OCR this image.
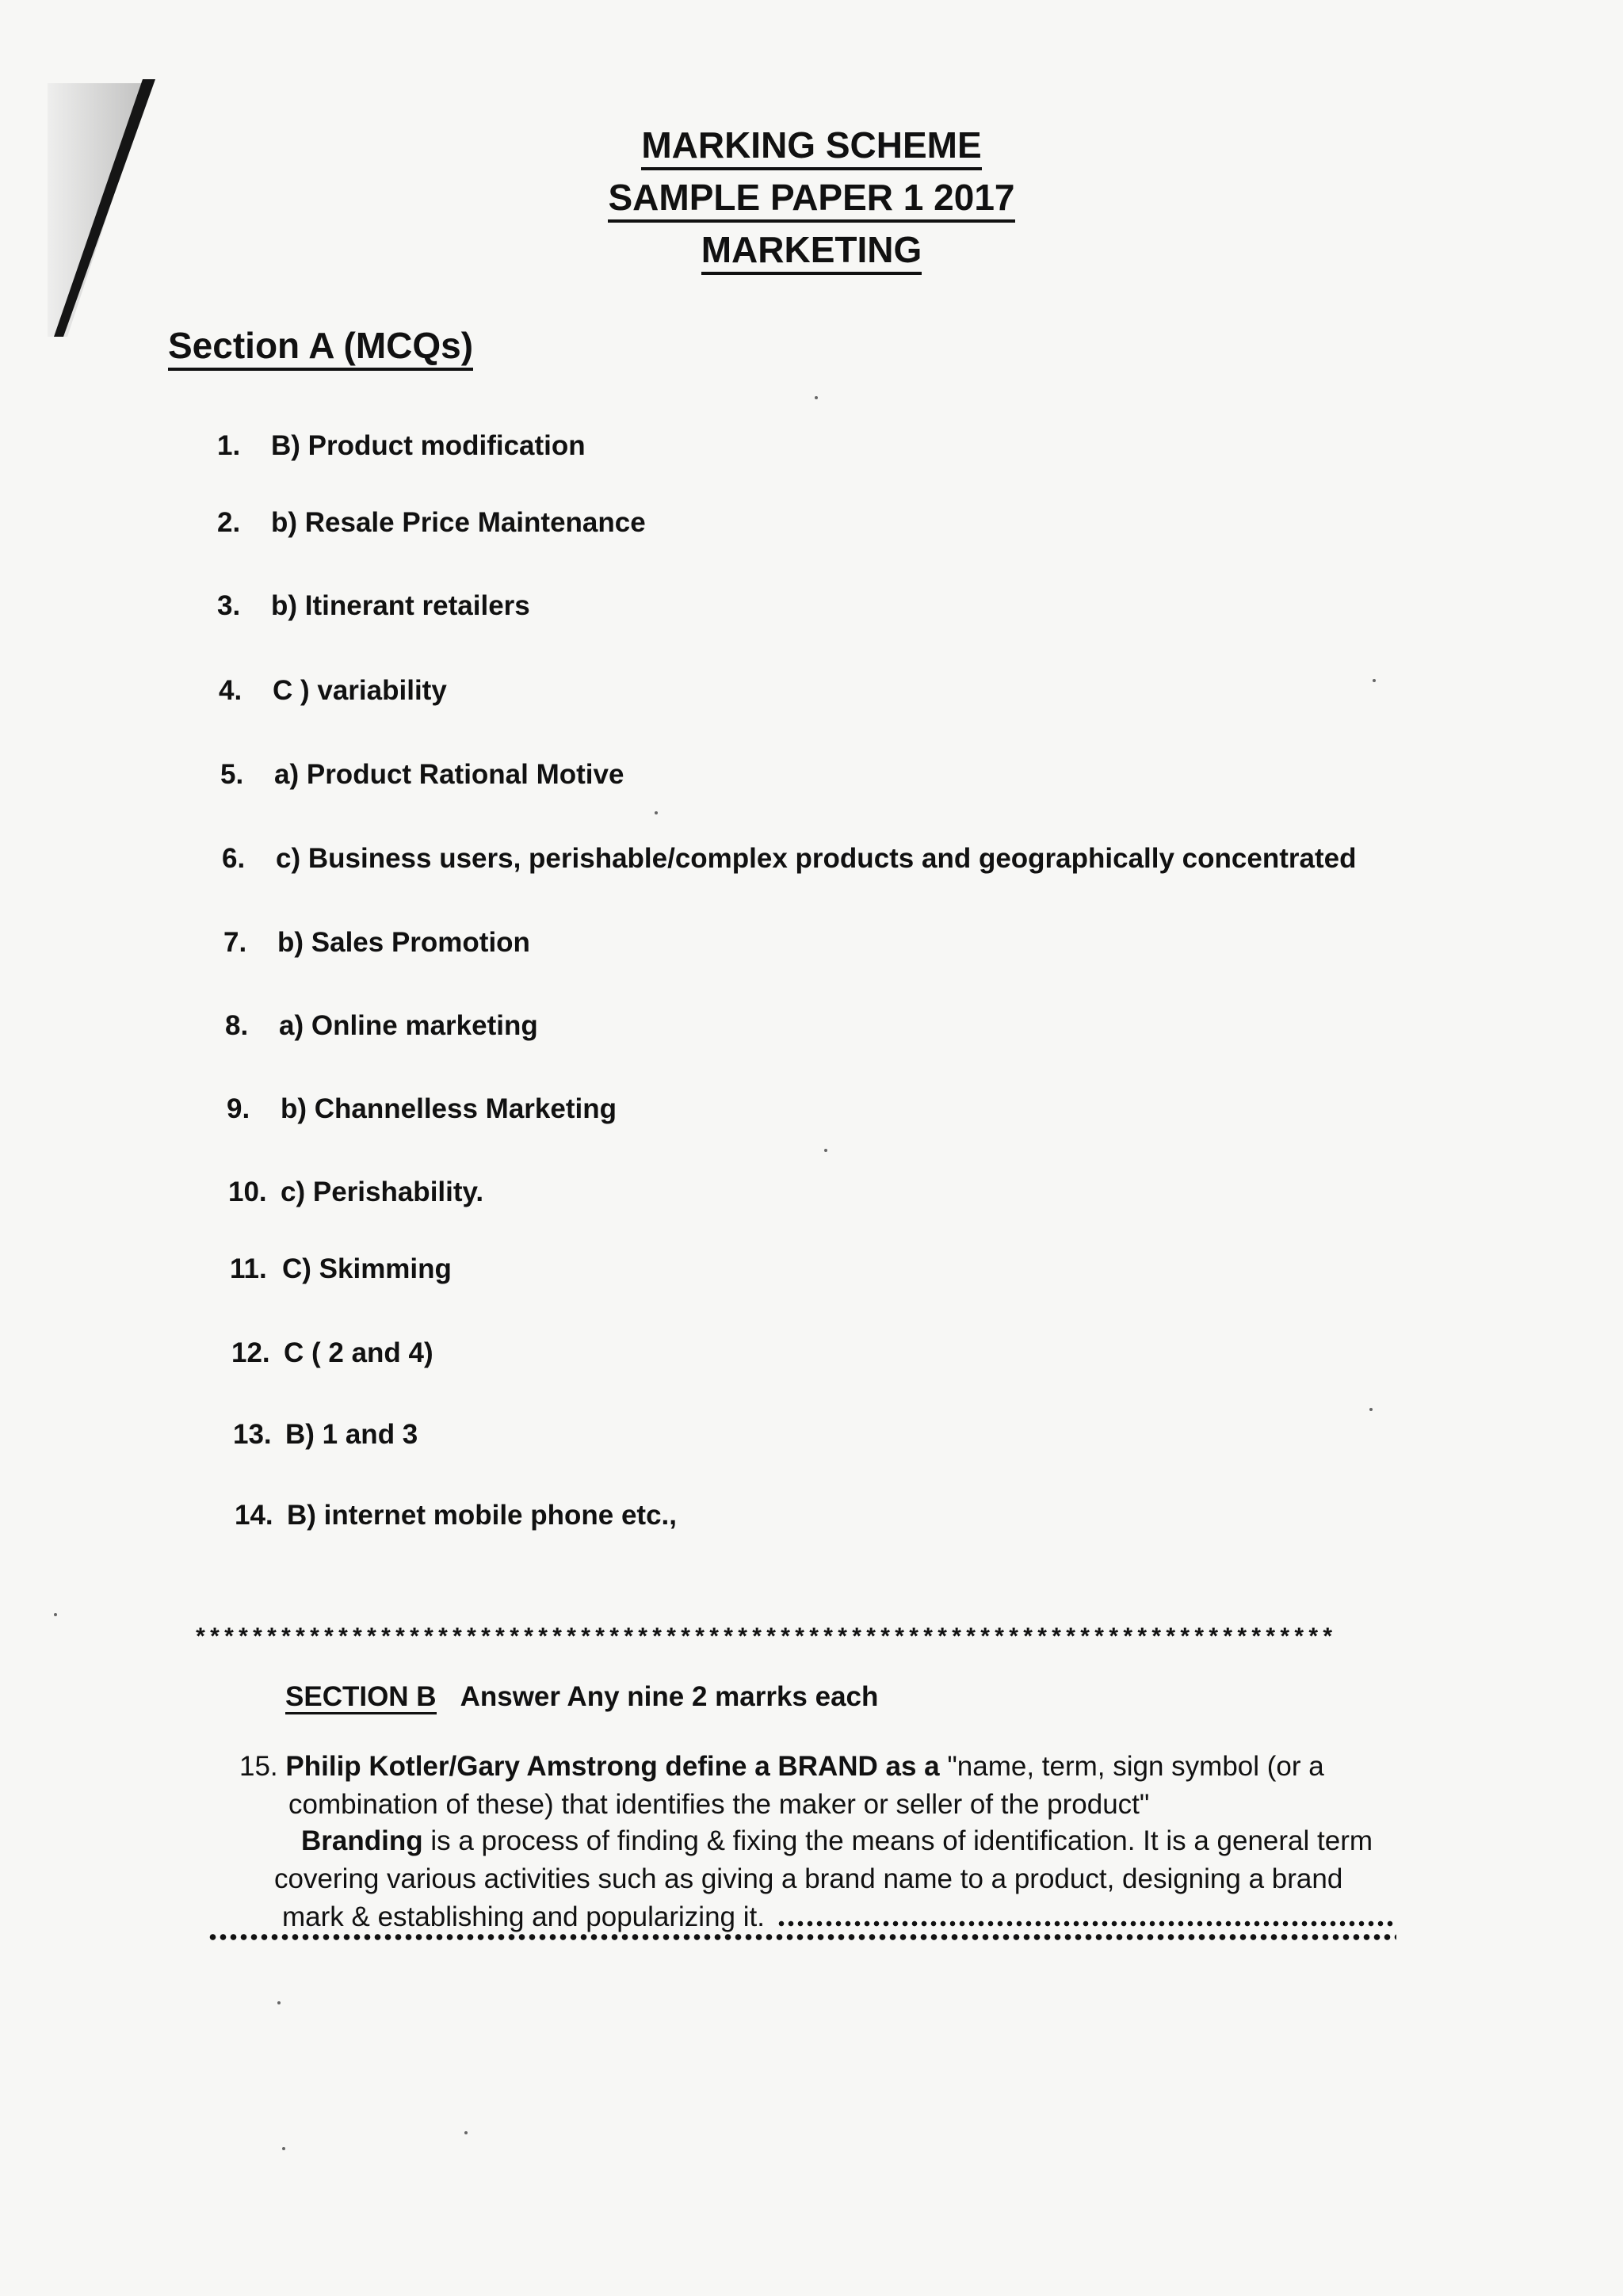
MARKING SCHEME
SAMPLE PAPER 1 2017
MARKETING
Section A (MCQs)
1. B) Product modification
2. b) Resale Price Maintenance
3. b) Itinerant retailers
4. C ) variability
5. a) Product Rational Motive
6. c) Business users, perishable/complex products and geographically concentrated
7. b) Sales Promotion
8. a) Online marketing
9. b) Channelless Marketing
10. c) Perishability.
11. C) Skimming
12. C ( 2 and 4)
13. B) 1 and 3
14. B) internet mobile phone etc.,
********************************************************************************
SECTION B Answer Any nine 2 marrks each
15. Philip Kotler/Gary Amstrong define a BRAND as a "name, term, sign symbol (or a
combination of these) that identifies the maker or seller of the product"
Branding is a process of finding & fixing the means of identification. It is a general term
covering various activities such as giving a brand name to a product, designing a brand
mark & establishing and popularizing it.
